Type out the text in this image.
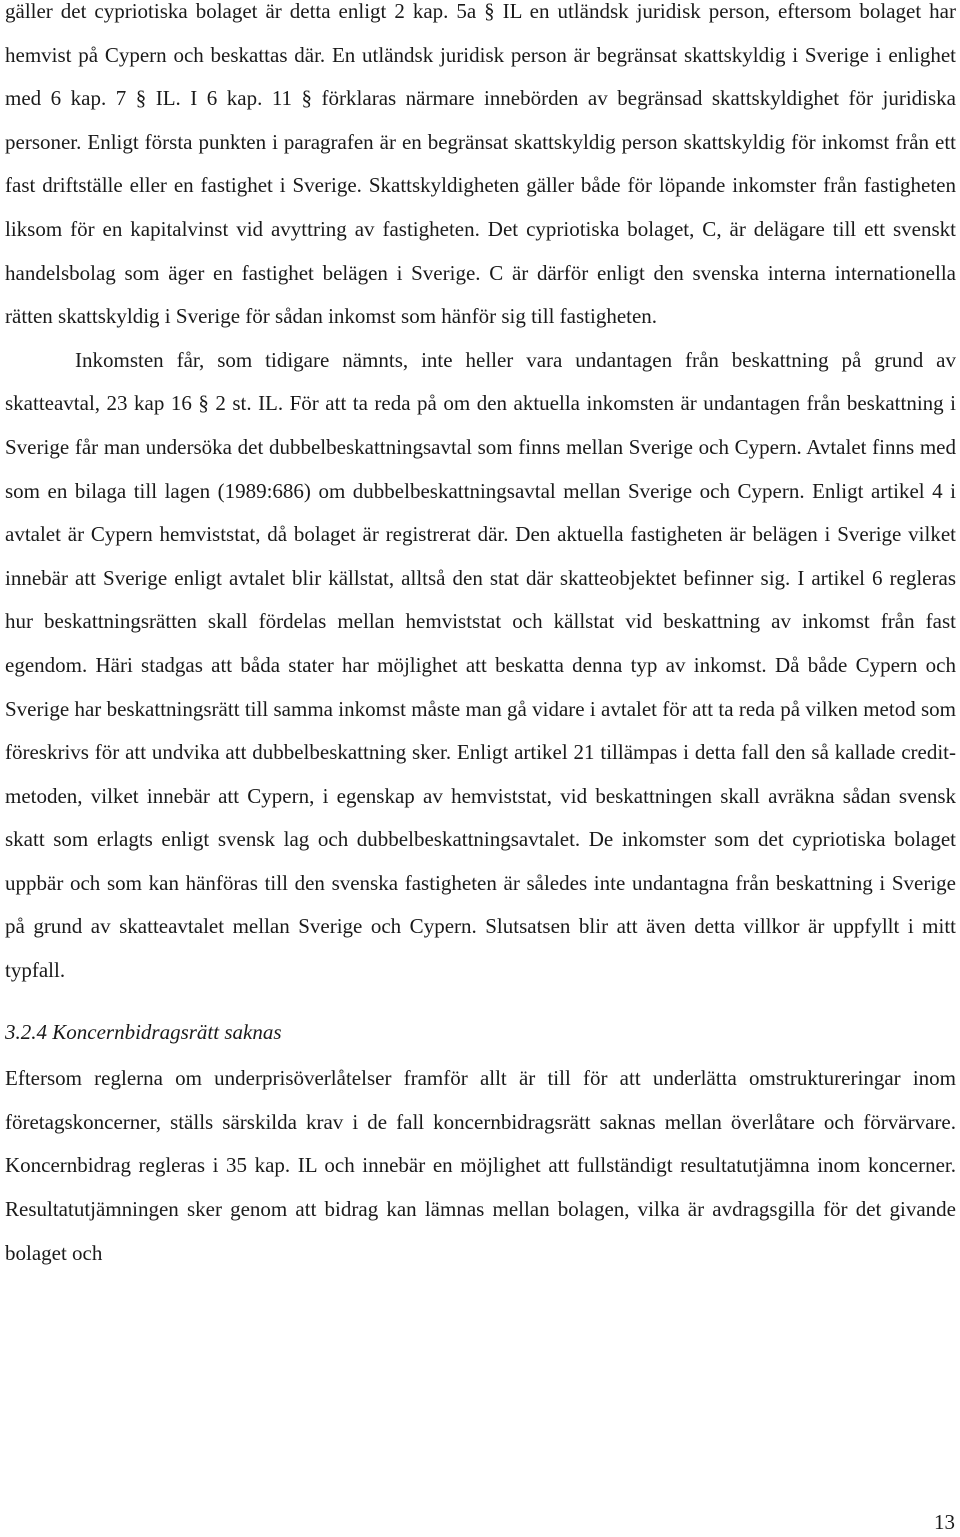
gäller det cypriotiska bolaget är detta enligt 2 kap. 5a § IL en utländsk juridisk person, eftersom bolaget har hemvist på Cypern och beskattas där. En utländsk juridisk person är begränsat skattskyldig i Sverige i enlighet med 6 kap. 7 § IL. I 6 kap. 11 § förklaras närmare innebörden av begränsad skattskyldighet för juridiska personer. Enligt första punkten i paragrafen är en begränsat skattskyldig person skattskyldig för inkomst från ett fast driftställe eller en fastighet i Sverige. Skattskyldigheten gäller både för löpande inkomster från fastigheten liksom för en kapitalvinst vid avyttring av fastigheten. Det cypriotiska bolaget, C, är delägare till ett svenskt handelsbolag som äger en fastighet belägen i Sverige. C är därför enligt den svenska interna internationella rätten skattskyldig i Sverige för sådan inkomst som hänför sig till fastigheten.

Inkomsten får, som tidigare nämnts, inte heller vara undantagen från beskattning på grund av skatteavtal, 23 kap 16 § 2 st. IL. För att ta reda på om den aktuella inkomsten är undantagen från beskattning i Sverige får man undersöka det dubbelbeskattningsavtal som finns mellan Sverige och Cypern. Avtalet finns med som en bilaga till lagen (1989:686) om dubbelbeskattningsavtal mellan Sverige och Cypern. Enligt artikel 4 i avtalet är Cypern hemviststat, då bolaget är registrerat där. Den aktuella fastigheten är belägen i Sverige vilket innebär att Sverige enligt avtalet blir källstat, alltså den stat där skatteobjektet befinner sig. I artikel 6 regleras hur beskattningsrätten skall fördelas mellan hemviststat och källstat vid beskattning av inkomst från fast egendom. Häri stadgas att båda stater har möjlighet att beskatta denna typ av inkomst. Då både Cypern och Sverige har beskattningsrätt till samma inkomst måste man gå vidare i avtalet för att ta reda på vilken metod som föreskrivs för att undvika att dubbelbeskattning sker. Enligt artikel 21 tillämpas i detta fall den så kallade credit-metoden, vilket innebär att Cypern, i egenskap av hemviststat, vid beskattningen skall avräkna sådan svensk skatt som erlagts enligt svensk lag och dubbelbeskattningsavtalet. De inkomster som det cypriotiska bolaget uppbär och som kan hänföras till den svenska fastigheten är således inte undantagna från beskattning i Sverige på grund av skatteavtalet mellan Sverige och Cypern. Slutsatsen blir att även detta villkor är uppfyllt i mitt typfall.

3.2.4 Koncernbidragsrätt saknas

Eftersom reglerna om underprisöverlåtelser framför allt är till för att underlätta omstruktureringar inom företagskoncerner, ställs särskilda krav i de fall koncernbidragsrätt saknas mellan överlåtare och förvärvare. Koncernbidrag regleras i 35 kap. IL och innebär en möjlighet att fullständigt resultatutjämna inom koncerner. Resultatutjämningen sker genom att bidrag kan lämnas mellan bolagen, vilka är avdragsgilla för det givande bolaget och

13
